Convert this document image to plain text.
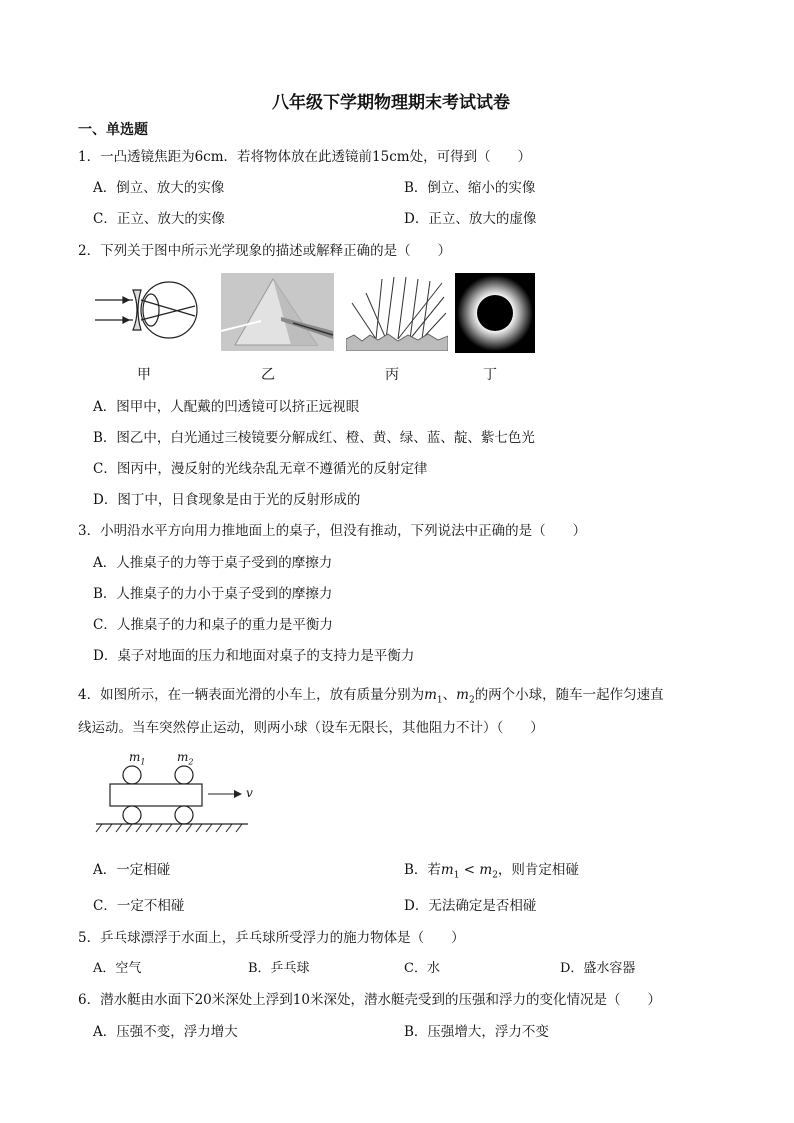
八年级下学期物理期末考试试卷
一、单选题
1．一凸透镜焦距为6cm．若将物体放在此透镜前15cm处，可得到（　　）
A．倒立、放大的实像	B．倒立、缩小的实像
C．正立、放大的实像	D．正立、放大的虚像
2．下列关于图中所示光学现象的描述或解释正确的是（　　）
甲	乙	丙	丁
A．图甲中，人配戴的凹透镜可以挤正远视眼
B．图乙中，白光通过三棱镜要分解成红、橙、黄、绿、蓝、靛、紫七色光
C．图丙中，漫反射的光线杂乱无章不遵循光的反射定律
D．图丁中，日食现象是由于光的反射形成的
3．小明沿水平方向用力推地面上的桌子，但没有推动，下列说法中正确的是（　　）
A．人推桌子的力等于桌子受到的摩擦力
B．人推桌子的力小于桌子受到的摩擦力
C．人推桌子的力和桌子的重力是平衡力
D．桌子对地面的压力和地面对桌子的支持力是平衡力
4．如图所示，在一辆表面光滑的小车上，放有质量分别为$m_1$、$m_2$的两个小球，随车一起作匀速直
线运动。当车突然停止运动，则两小球（设车无限长，其他阻力不计）（　　）
$m_1$	$m_2$
v
A．一定相碰	B．若$m_1 < m_2$，则肯定相碰
C．一定不相碰	D．无法确定是否相碰
5．乒乓球漂浮于水面上，乒乓球所受浮力的施力物体是（　　）
A．空气	B．乒乓球	C．水	D．盛水容器
6．潜水艇由水面下20米深处上浮到10米深处，潜水艇壳受到的压强和浮力的变化情况是（　　）
A．压强不变，浮力增大	B．压强增大，浮力不变
